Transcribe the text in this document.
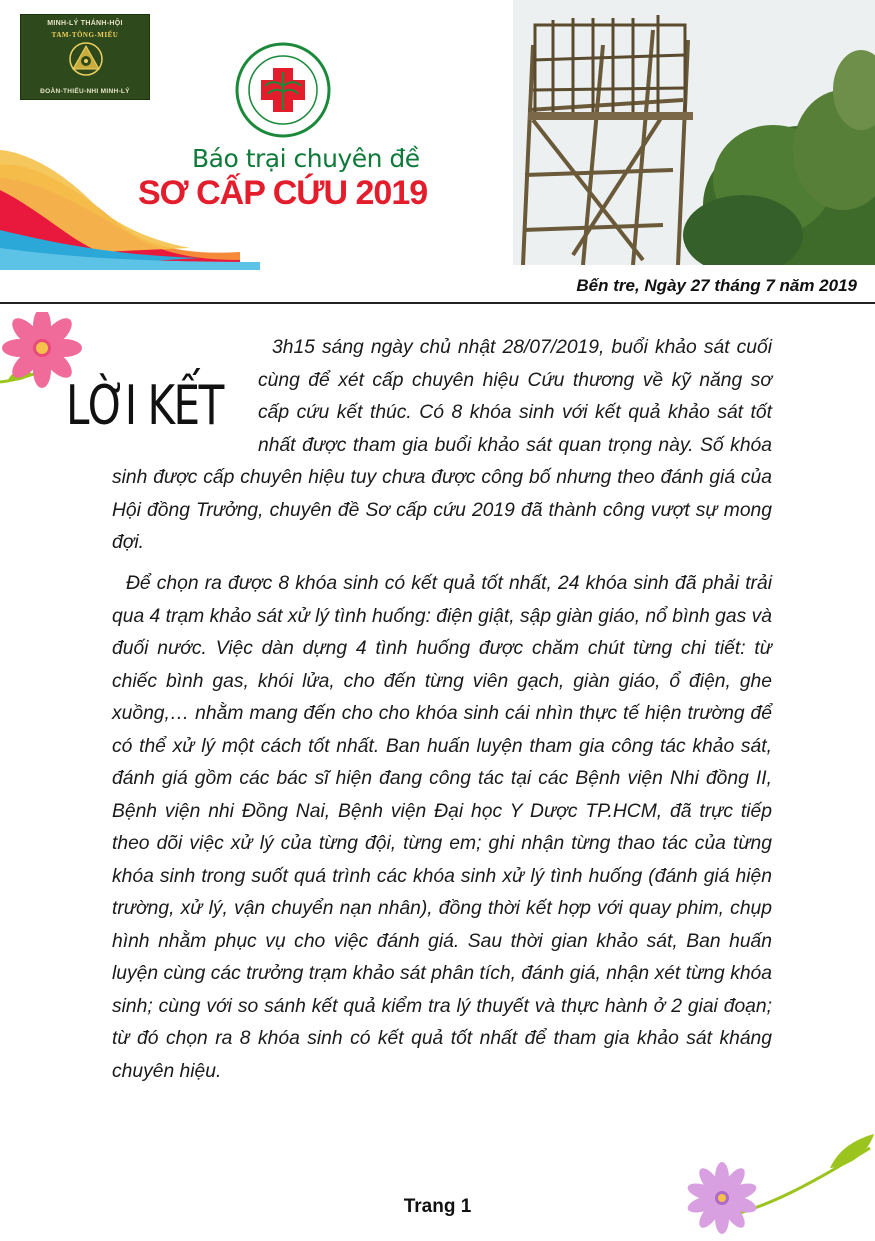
MINH-LÝ THÁNH-HỘI
TAM-TÔNG-MIẾU
ĐOÀN-THIẾU-NHI MINH-LÝ
Báo trại chuyên đề
SƠ CẤP CỨU 2019
Bến tre, Ngày 27 tháng 7 năm 2019
LỜI KẾT

3h15 sáng ngày chủ nhật 28/07/2019, buổi khảo sát cuối cùng để xét cấp chuyên hiệu Cứu thương về kỹ năng sơ cấp cứu kết thúc. Có 8 khóa sinh với kết quả khảo sát tốt nhất được tham gia buổi khảo sát quan trọng này. Số khóa sinh được cấp chuyên hiệu tuy chưa được công bố nhưng theo đánh giá của Hội đồng Trưởng, chuyên đề Sơ cấp cứu 2019 đã thành công vượt sự mong đợi.

Để chọn ra được 8 khóa sinh có kết quả tốt nhất, 24 khóa sinh đã phải trải qua 4 trạm khảo sát xử lý tình huống: điện giật, sập giàn giáo, nổ bình gas và đuối nước. Việc dàn dựng 4 tình huống được chăm chút từng chi tiết: từ chiếc bình gas, khói lửa, cho đến từng viên gạch, giàn giáo, ổ điện, ghe xuồng,… nhằm mang đến cho cho khóa sinh cái nhìn thực tế hiện trường để có thể xử lý một cách tốt nhất. Ban huấn luyện tham gia công tác khảo sát, đánh giá gồm các bác sĩ hiện đang công tác tại các Bệnh viện Nhi đồng II, Bệnh viện nhi Đồng Nai, Bệnh viện Đại học Y Dược TP.HCM, đã trực tiếp theo dõi việc xử lý của từng đội, từng em; ghi nhận từng thao tác của từng khóa sinh trong suốt quá trình các khóa sinh xử lý tình huống (đánh giá hiện trường, xử lý, vận chuyển nạn nhân), đồng thời kết hợp với quay phim, chụp hình nhằm phục vụ cho việc đánh giá. Sau thời gian khảo sát, Ban huấn luyện cùng các trưởng trạm khảo sát phân tích, đánh giá, nhận xét từng khóa sinh; cùng với so sánh kết quả kiểm tra lý thuyết và thực hành ở 2 giai đoạn; từ đó chọn ra 8 khóa sinh có kết quả tốt nhất để tham gia khảo sát kháng chuyên hiệu.

Trang 1
